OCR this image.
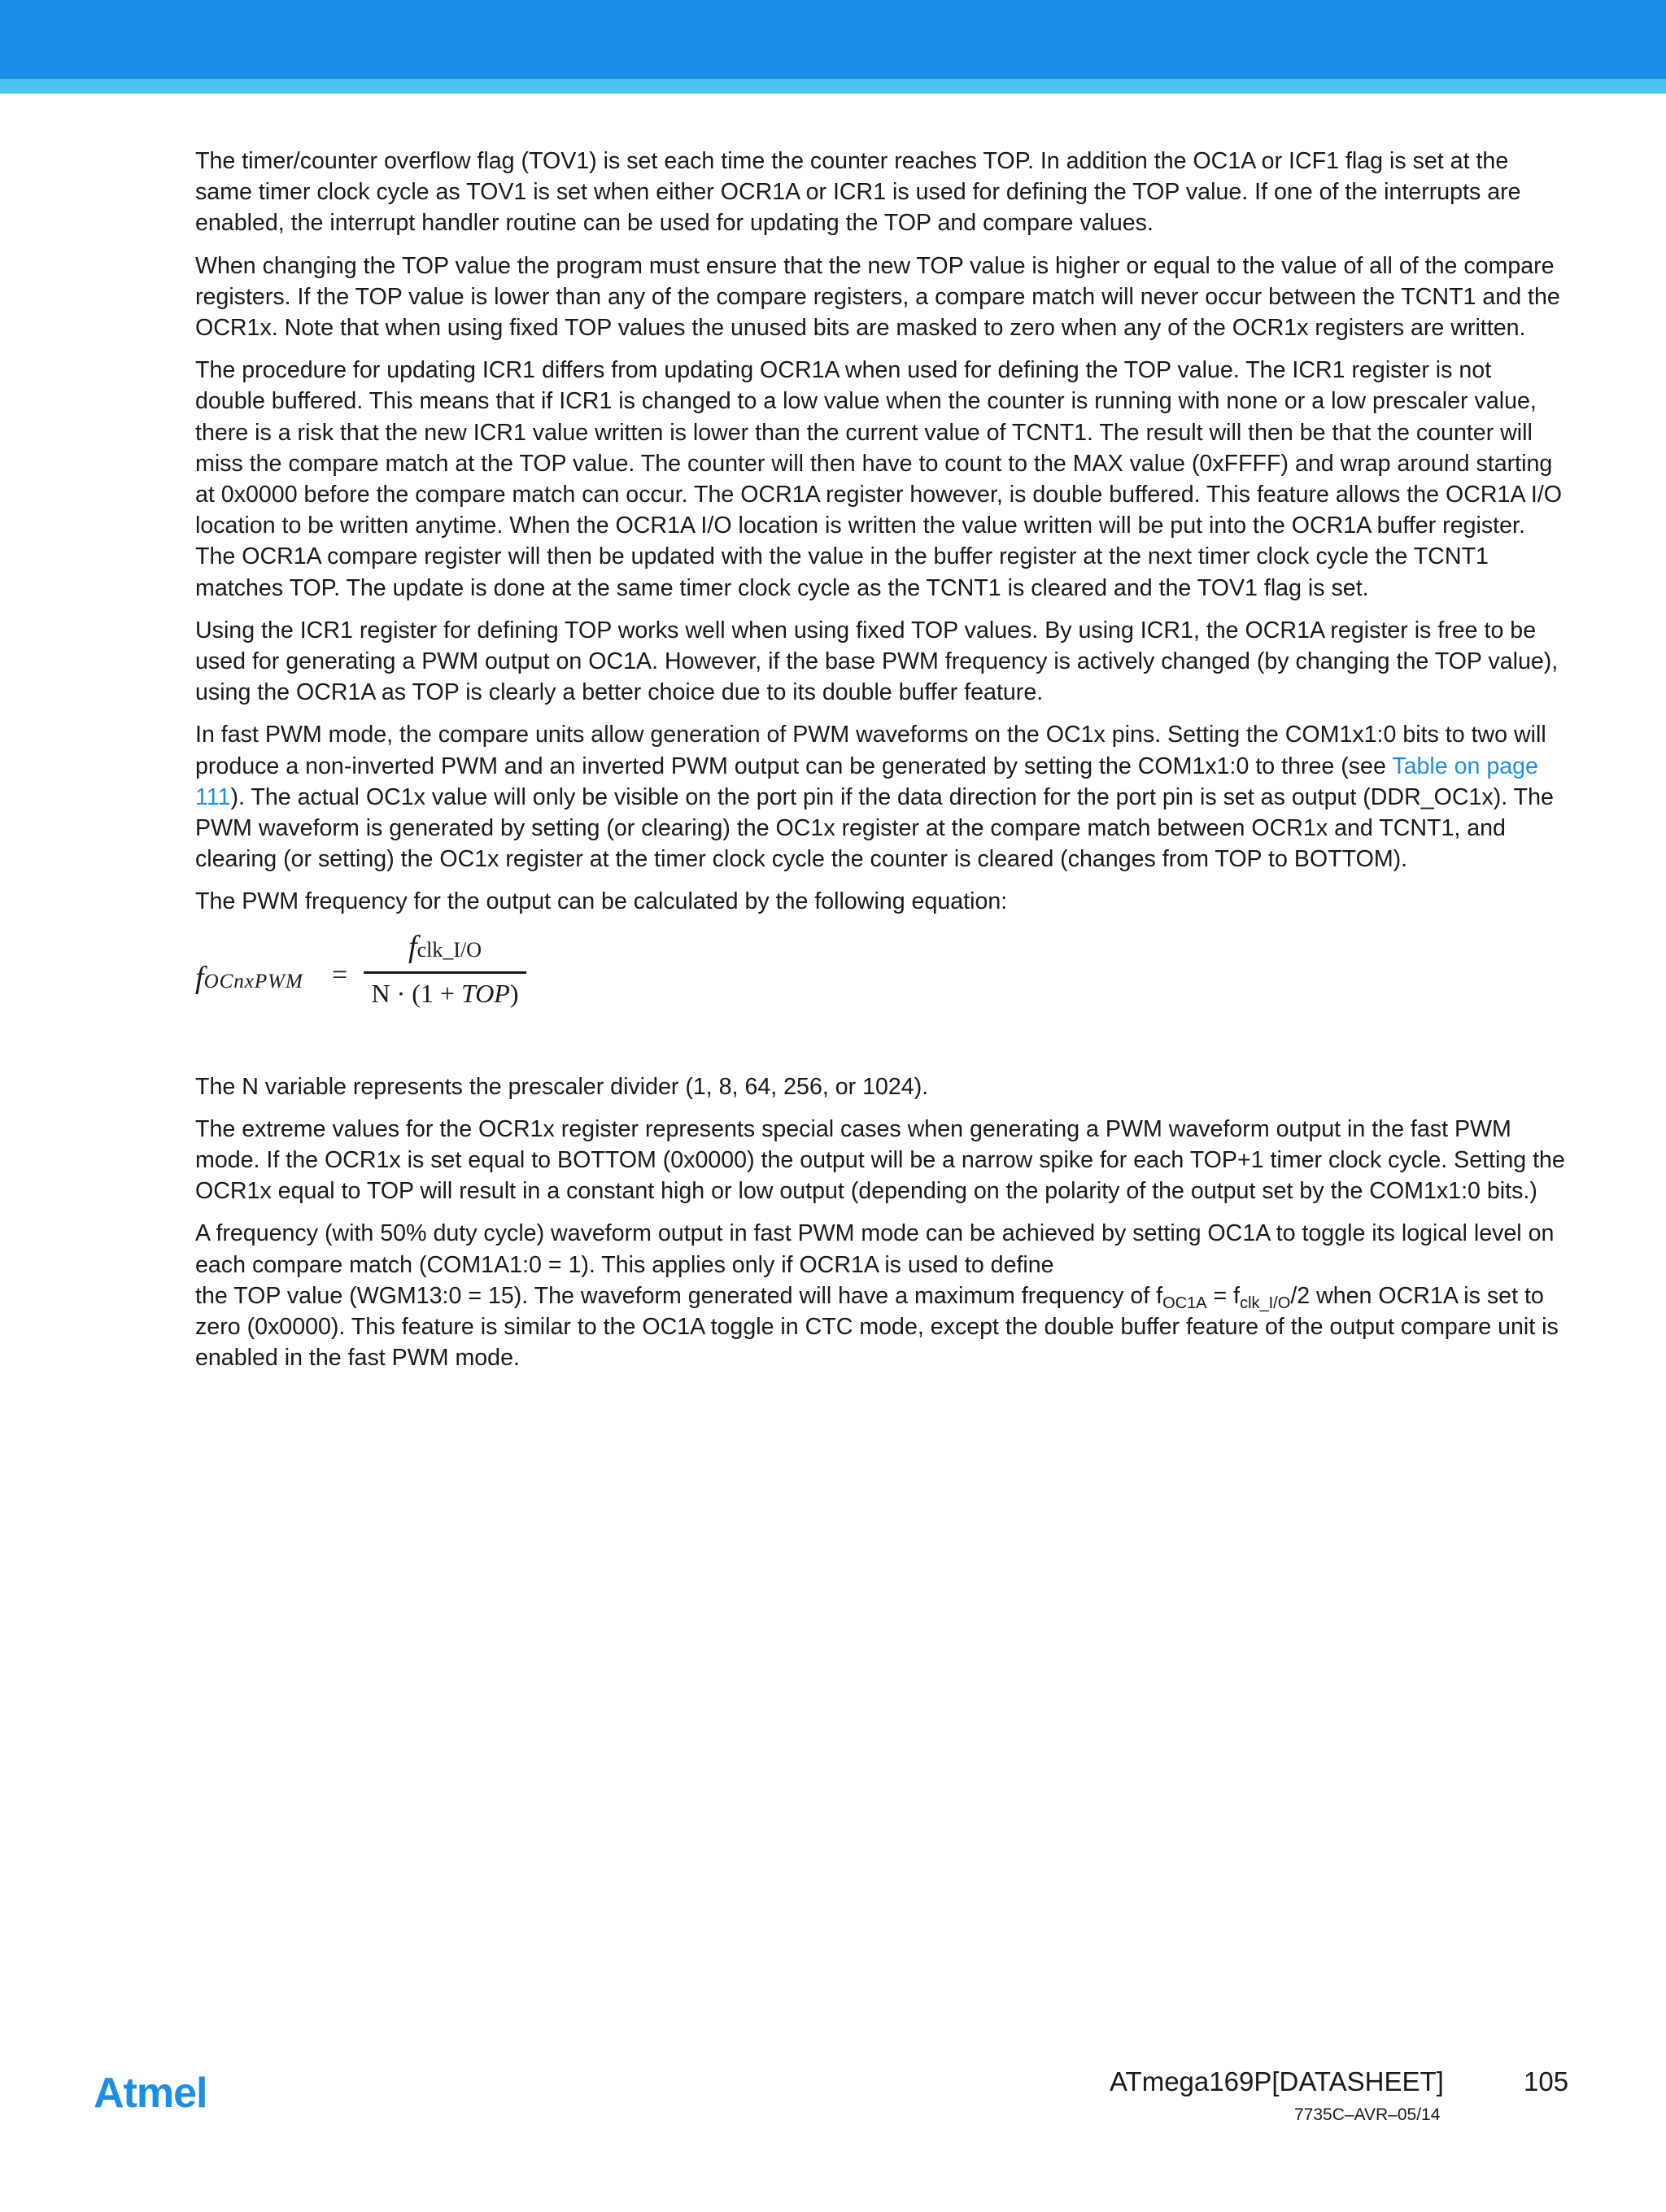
The timer/counter overflow flag (TOV1) is set each time the counter reaches TOP. In addition the OC1A or ICF1 flag is set at the same timer clock cycle as TOV1 is set when either OCR1A or ICR1 is used for defining the TOP value. If one of the interrupts are enabled, the interrupt handler routine can be used for updating the TOP and compare values.

When changing the TOP value the program must ensure that the new TOP value is higher or equal to the value of all of the compare registers. If the TOP value is lower than any of the compare registers, a compare match will never occur between the TCNT1 and the OCR1x. Note that when using fixed TOP values the unused bits are masked to zero when any of the OCR1x registers are written.

The procedure for updating ICR1 differs from updating OCR1A when used for defining the TOP value. The ICR1 register is not double buffered. This means that if ICR1 is changed to a low value when the counter is running with none or a low prescaler value, there is a risk that the new ICR1 value written is lower than the current value of TCNT1. The result will then be that the counter will miss the compare match at the TOP value. The counter will then have to count to the MAX value (0xFFFF) and wrap around starting at 0x0000 before the compare match can occur. The OCR1A register however, is double buffered. This feature allows the OCR1A I/O location to be written anytime. When the OCR1A I/O location is written the value written will be put into the OCR1A buffer register. The OCR1A compare register will then be updated with the value in the buffer register at the next timer clock cycle the TCNT1 matches TOP. The update is done at the same timer clock cycle as the TCNT1 is cleared and the TOV1 flag is set.

Using the ICR1 register for defining TOP works well when using fixed TOP values. By using ICR1, the OCR1A register is free to be used for generating a PWM output on OC1A. However, if the base PWM frequency is actively changed (by changing the TOP value), using the OCR1A as TOP is clearly a better choice due to its double buffer feature.

In fast PWM mode, the compare units allow generation of PWM waveforms on the OC1x pins. Setting the COM1x1:0 bits to two will produce a non-inverted PWM and an inverted PWM output can be generated by setting the COM1x1:0 to three (see Table on page 111). The actual OC1x value will only be visible on the port pin if the data direction for the port pin is set as output (DDR_OC1x). The PWM waveform is generated by setting (or clearing) the OC1x register at the compare match between OCR1x and TCNT1, and clearing (or setting) the OC1x register at the timer clock cycle the counter is cleared (changes from TOP to BOTTOM).

The PWM frequency for the output can be calculated by the following equation:

fOCnxPWM =
fclk_I/O
N · (1 + TOP)

The N variable represents the prescaler divider (1, 8, 64, 256, or 1024).

The extreme values for the OCR1x register represents special cases when generating a PWM waveform output in the fast PWM mode. If the OCR1x is set equal to BOTTOM (0x0000) the output will be a narrow spike for each TOP+1 timer clock cycle. Setting the OCR1x equal to TOP will result in a constant high or low output (depending on the polarity of the output set by the COM1x1:0 bits.)

A frequency (with 50% duty cycle) waveform output in fast PWM mode can be achieved by setting OC1A to toggle its logical level on each compare match (COM1A1:0 = 1). This applies only if OCR1A is used to define
the TOP value (WGM13:0 = 15). The waveform generated will have a maximum frequency of $f_{OC1A} = f_{clk\_I/O}/2$ when OCR1A is set to zero (0x0000). This feature is similar to the OC1A toggle in CTC mode, except the double buffer feature of the output compare unit is enabled in the fast PWM mode.

Atmel	ATmega169P[DATASHEET]	105
7735C–AVR–05/14
